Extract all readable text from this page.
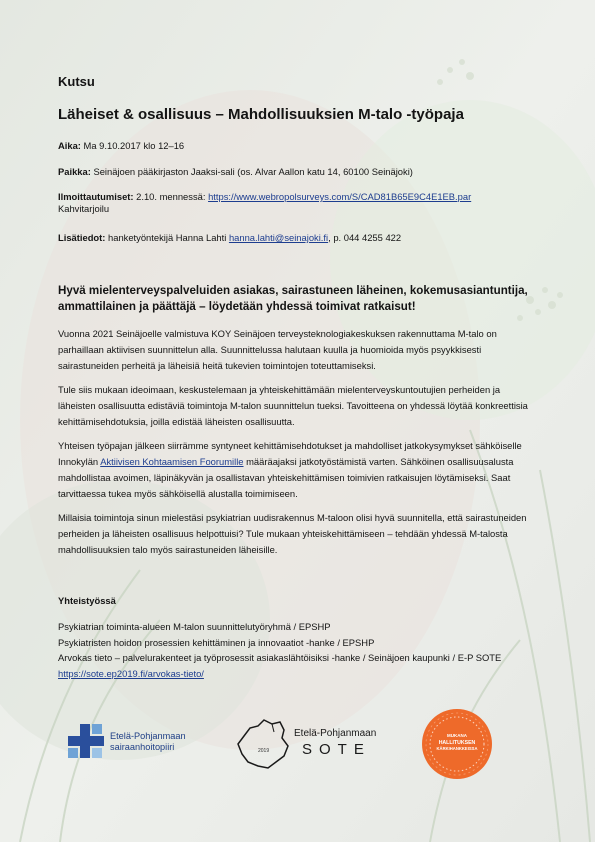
Kutsu

Läheiset & osallisuus – Mahdollisuuksien M-talo -työpaja

Aika: Ma 9.10.2017 klo 12–16

Paikka: Seinäjoen pääkirjaston Jaaksi-sali (os. Alvar Aallon katu 14, 60100 Seinäjoki)

Ilmoittautumiset: 2.10. mennessä: https://www.webropolsurveys.com/S/CAD81B65E9C4E1EB.par
Kahvitarjoilu

Lisätiedot: hanketyöntekijä Hanna Lahti hanna.lahti@seinajoki.fi, p. 044 4255 422

Hyvä mielenterveyspalveluiden asiakas, sairastuneen läheinen, kokemusasiantuntija, ammattilainen ja päättäjä – löydetään yhdessä toimivat ratkaisut!

Vuonna 2021 Seinäjoelle valmistuva KOY Seinäjoen terveysteknologiakeskuksen rakennuttama M-talo on parhaillaan aktiivisen suunnittelun alla. Suunnittelussa halutaan kuulla ja huomioida myös psyykkisesti sairastuneiden perheitä ja läheisiä heitä tukevien toimintojen toteuttamiseksi.

Tule siis mukaan ideoimaan, keskustelemaan ja yhteiskehittämään mielenterveyskuntoutujien perheiden ja läheisten osallisuutta edistäviä toimintoja M-talon suunnittelun tueksi. Tavoitteena on yhdessä löytää konkreettisia kehittämisehdotuksia, joilla edistää läheisten osallisuutta.

Yhteisen työpajan jälkeen siirrämme syntyneet kehittämisehdotukset ja mahdolliset jatkokysymykset sähköiselle Innokylän Aktiivisen Kohtaamisen Foorumille määräajaksi jatkotyöstämistä varten. Sähköinen osallisuusalusta mahdollistaa avoimen, läpinäkyvän ja osallistavan yhteiskehittämisen toimivien ratkaisujen löytämiseksi. Saat tarvittaessa tukea myös sähköisellä alustalla toimimiseen.

Millaisia toimintoja sinun mielestäsi psykiatrian uudisrakennus M-taloon olisi hyvä suunnitella, että sairastuneiden perheiden ja läheisten osallisuus helpottuisi? Tule mukaan yhteiskehittämiseen – tehdään yhdessä M-talosta mahdollisuuksien talo myös sairastuneiden läheisille.

Yhteistyössä

Psykiatrian toiminta-alueen M-talon suunnittelutyöryhmä / EPSHP
Psykiatristen hoidon prosessien kehittäminen ja innovaatiot -hanke / EPSHP
Arvokas tieto – palvelurakenteet ja työprosessit asiakaslähtöisiksi -hanke / Seinäjoen kaupunki / E-P SOTE
https://sote.ep2019.fi/arvokas-tieto/
Etelä-Pohjanmaan
sairaanhoitopiiri	2019
Etelä-Pohjanmaan
SOTE
MUKANA
HALLITUKSEN
KÄRKIHANKKEISSA
